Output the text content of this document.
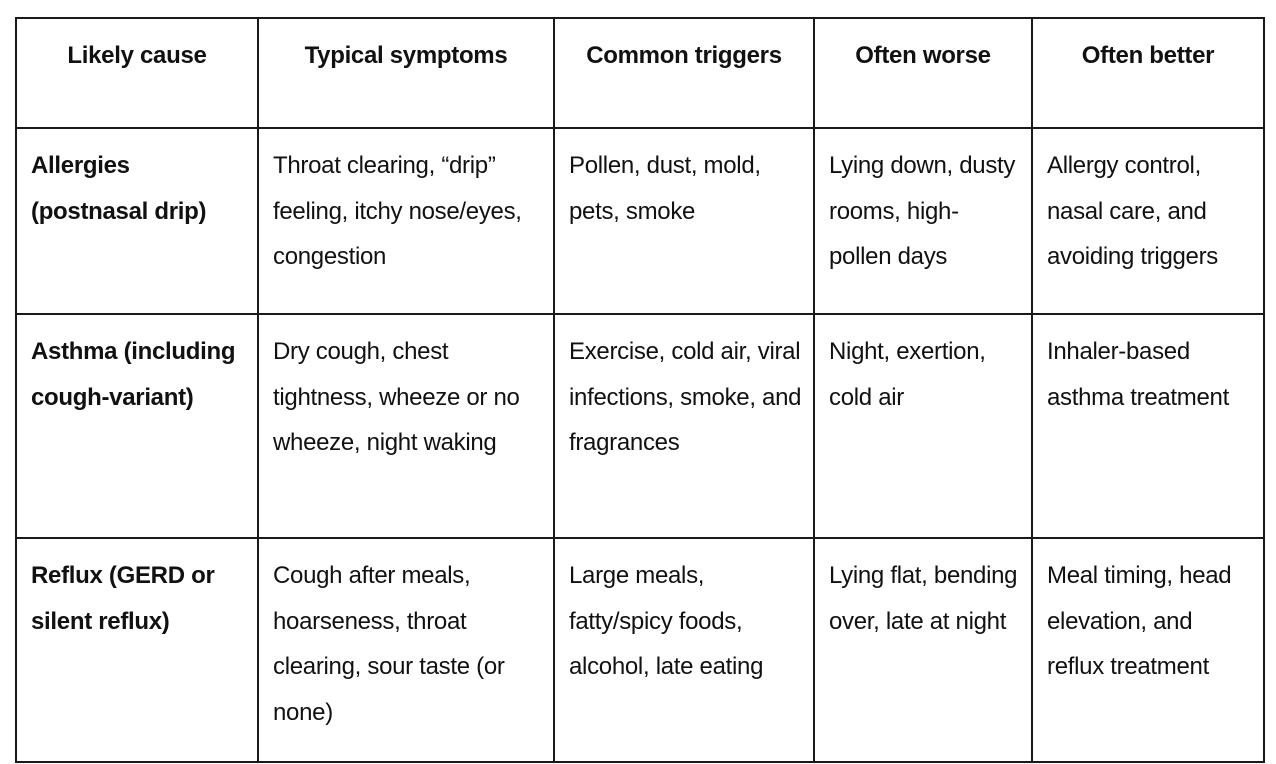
Likely cause	Typical symptoms	Common triggers	Often worse	Often better
Allergies (postnasal drip)	Throat clearing, “drip” feeling, itchy nose/eyes, congestion	Pollen, dust, mold, pets, smoke	Lying down, dusty rooms, high-pollen days	Allergy control, nasal care, and avoiding triggers
Asthma (including cough-variant)	Dry cough, chest tightness, wheeze or no wheeze, night waking	Exercise, cold air, viral infections, smoke, and fragrances	Night, exertion, cold air	Inhaler-based asthma treatment
Reflux (GERD or silent reflux)	Cough after meals, hoarseness, throat clearing, sour taste (or none)	Large meals, fatty/spicy foods, alcohol, late eating	Lying flat, bending over, late at night	Meal timing, head elevation, and reflux treatment
